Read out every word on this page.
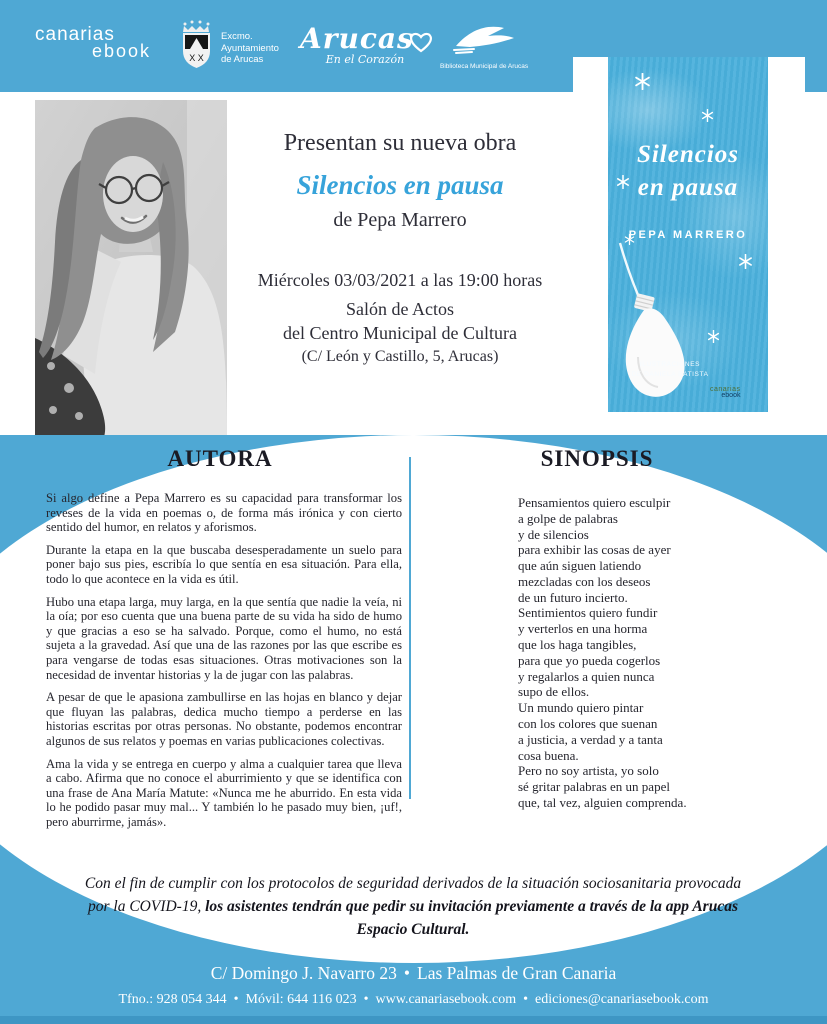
canarias
ebook	X X
Excmo.
Ayuntamiento
de Arucas
Arucas
En el Corazón
Biblioteca Municipal de Arucas
Presentan su nueva obra
Silencios en pausa
de Pepa Marrero
Miércoles 03/03/2021 a las 19:00 horas
Salón de Actos
del Centro Municipal de Cultura
(C/ León y Castillo, 5, Arucas)
Silencios
en pausa
PEPA MARRERO
ILUSTRACIONES
DE DANIELA BATISTA
canarias
ebook
AUTORA	SINOPSIS

Si algo define a Pepa Marrero es su capacidad para transformar los reveses de la vida en poemas o, de forma más irónica y con cierto sentido del humor, en relatos y aforismos.

Durante la etapa en la que buscaba desesperadamente un suelo para poner bajo sus pies, escribía lo que sentía en esa situación. Para ella, todo lo que acontece en la vida es útil.

Hubo una etapa larga, muy larga, en la que sentía que nadie la veía, ni la oía; por eso cuenta que una buena parte de su vida ha sido de humo y que gracias a eso se ha salvado. Porque, como el humo, no está sujeta a la gravedad. Así que una de las razones por las que escribe es para vengarse de todas esas situaciones. Otras motivaciones son la necesidad de inventar historias y la de jugar con las palabras.

A pesar de que le apasiona zambullirse en las hojas en blanco y dejar que fluyan las palabras, dedica mucho tiempo a perderse en las historias escritas por otras personas. No obstante, podemos encontrar algunos de sus relatos y poemas en varias publicaciones colectivas.

Ama la vida y se entrega en cuerpo y alma a cualquier tarea que lleva a cabo. Afirma que no conoce el aburrimiento y que se identifica con una frase de Ana María Matute: «Nunca me he aburrido. En esta vida lo he podido pasar muy mal... Y también lo he pasado muy bien, ¡uf!, pero aburrirme, jamás».

Pensamientos quiero esculpir
a golpe de palabras
y de silencios
para exhibir las cosas de ayer
que aún siguen latiendo
mezcladas con los deseos
de un futuro incierto.
Sentimientos quiero fundir
y verterlos en una horma
que los haga tangibles,
para que yo pueda cogerlos
y regalarlos a quien nunca
supo de ellos.
Un mundo quiero pintar
con los colores que suenan
a justicia, a verdad y a tanta
cosa buena.
Pero no soy artista, yo solo
sé gritar palabras en un papel
que, tal vez, alguien comprenda.
Con el fin de cumplir con los protocolos de seguridad derivados de la situación sociosanitaria provocada por la COVID-19, los asistentes tendrán que pedir su invitación previamente a través de la app Arucas Espacio Cultural.
C/ Domingo J. Navarro 23 • Las Palmas de Gran Canaria
Tfno.: 928 054 344 • Móvil: 644 116 023 • www.canariasebook.com • ediciones@canariasebook.com
